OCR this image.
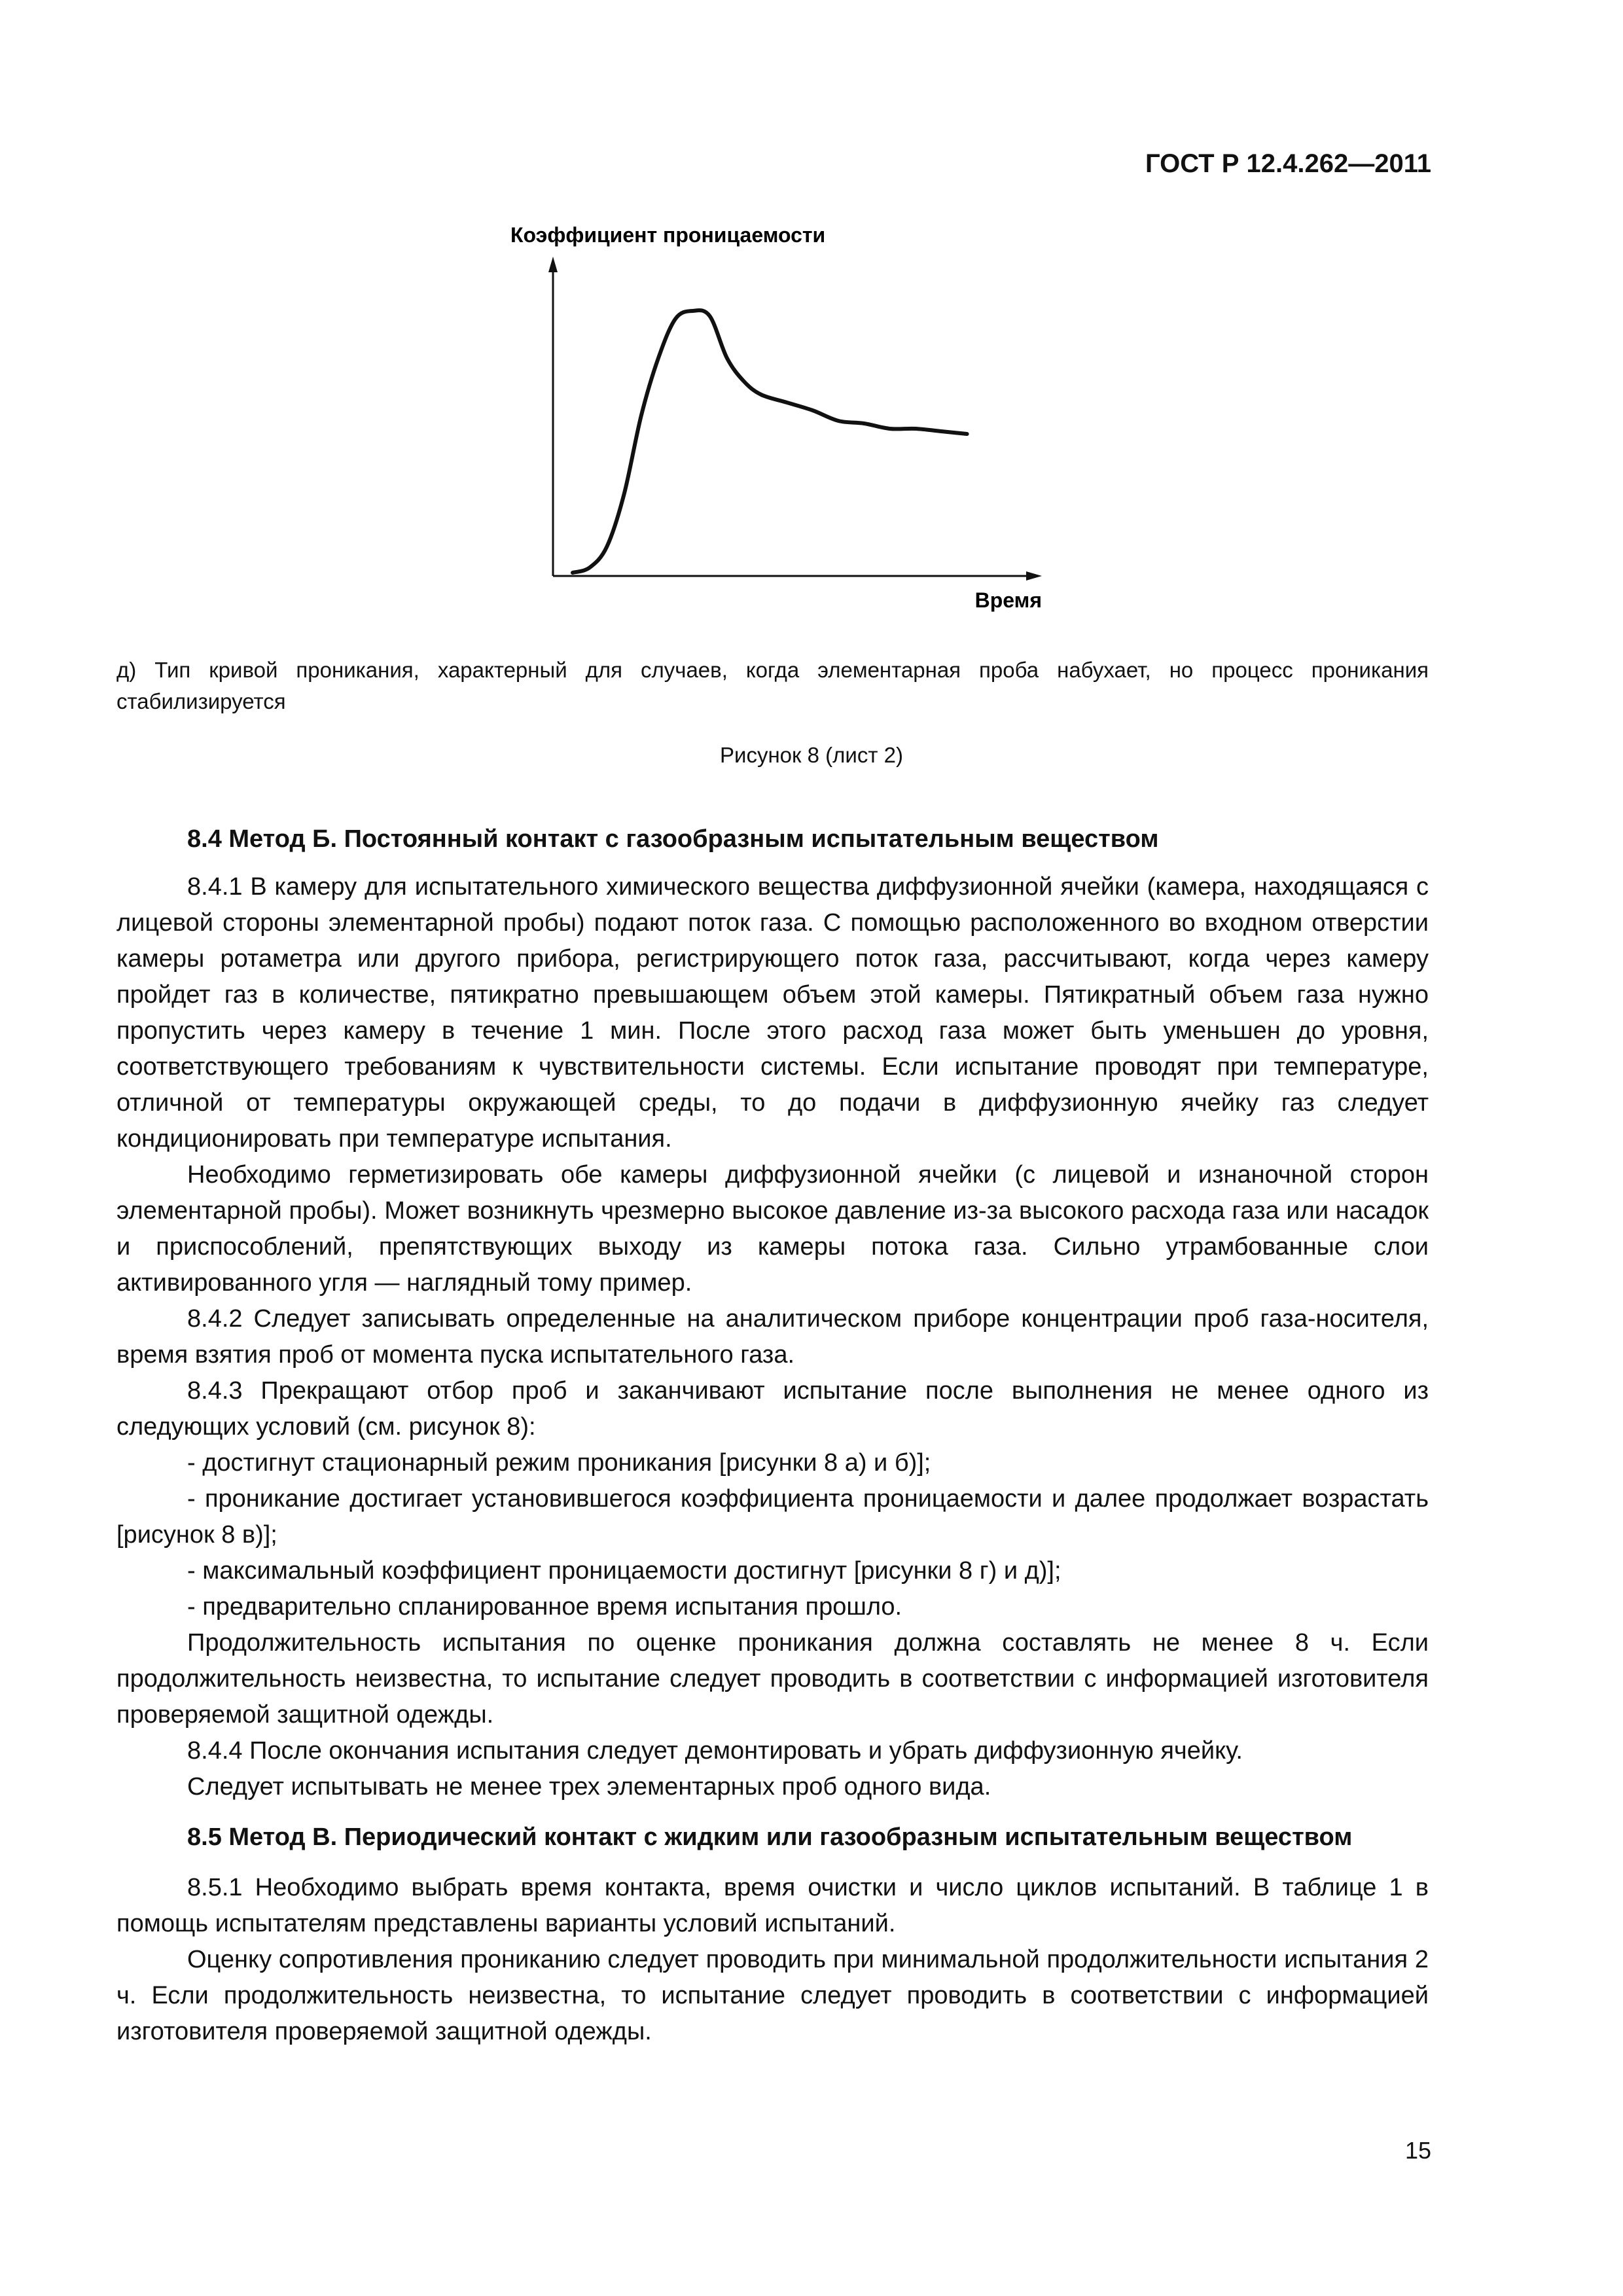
ГОСТ Р 12.4.262—2011
Коэффициент проницаемости
Время
д) Тип кривой проникания, характерный для случаев, когда элементарная проба набухает, но процесс проникания стабилизируется
Рисунок 8 (лист 2)
8.4 Метод Б. Постоянный контакт с газообразным испытательным веществом

8.4.1 В камеру для испытательного химического вещества диффузионной ячейки (камера, находящаяся с лицевой стороны элементарной пробы) подают поток газа. С помощью расположенного во входном отверстии камеры ротаметра или другого прибора, регистрирующего поток газа, рассчитывают, когда через камеру пройдет газ в количестве, пятикратно превышающем объем этой камеры. Пятикратный объем газа нужно пропустить через камеру в течение 1 мин. После этого расход газа может быть уменьшен до уровня, соответствующего требованиям к чувствительности системы. Если испытание проводят при температуре, отличной от температуры окружающей среды, то до подачи в диффузионную ячейку газ следует кондиционировать при температуре испытания.

Необходимо герметизировать обе камеры диффузионной ячейки (с лицевой и изнаночной сторон элементарной пробы). Может возникнуть чрезмерно высокое давление из-за высокого расхода газа или насадок и приспособлений, препятствующих выходу из камеры потока газа. Сильно утрамбованные слои активированного угля — наглядный тому пример.

8.4.2 Следует записывать определенные на аналитическом приборе концентрации проб газа-носителя, время взятия проб от момента пуска испытательного газа.

8.4.3 Прекращают отбор проб и заканчивают испытание после выполнения не менее одного из следующих условий (см. рисунок 8):

- достигнут стационарный режим проникания [рисунки 8 а) и б)];

- проникание достигает установившегося коэффициента проницаемости и далее продолжает возрастать [рисунок 8 в)];

- максимальный коэффициент проницаемости достигнут [рисунки 8 г) и д)];

- предварительно спланированное время испытания прошло.

Продолжительность испытания по оценке проникания должна составлять не менее 8 ч. Если продолжительность неизвестна, то испытание следует проводить в соответствии с информацией изготовителя проверяемой защитной одежды.

8.4.4 После окончания испытания следует демонтировать и убрать диффузионную ячейку.

Следует испытывать не менее трех элементарных проб одного вида.

8.5 Метод В. Периодический контакт с жидким или газообразным испытательным веществом

8.5.1 Необходимо выбрать время контакта, время очистки и число циклов испытаний. В таблице 1 в помощь испытателям представлены варианты условий испытаний.

Оценку сопротивления прониканию следует проводить при минимальной продолжительности испытания 2 ч. Если продолжительность неизвестна, то испытание следует проводить в соответствии с информацией изготовителя проверяемой защитной одежды.

15
